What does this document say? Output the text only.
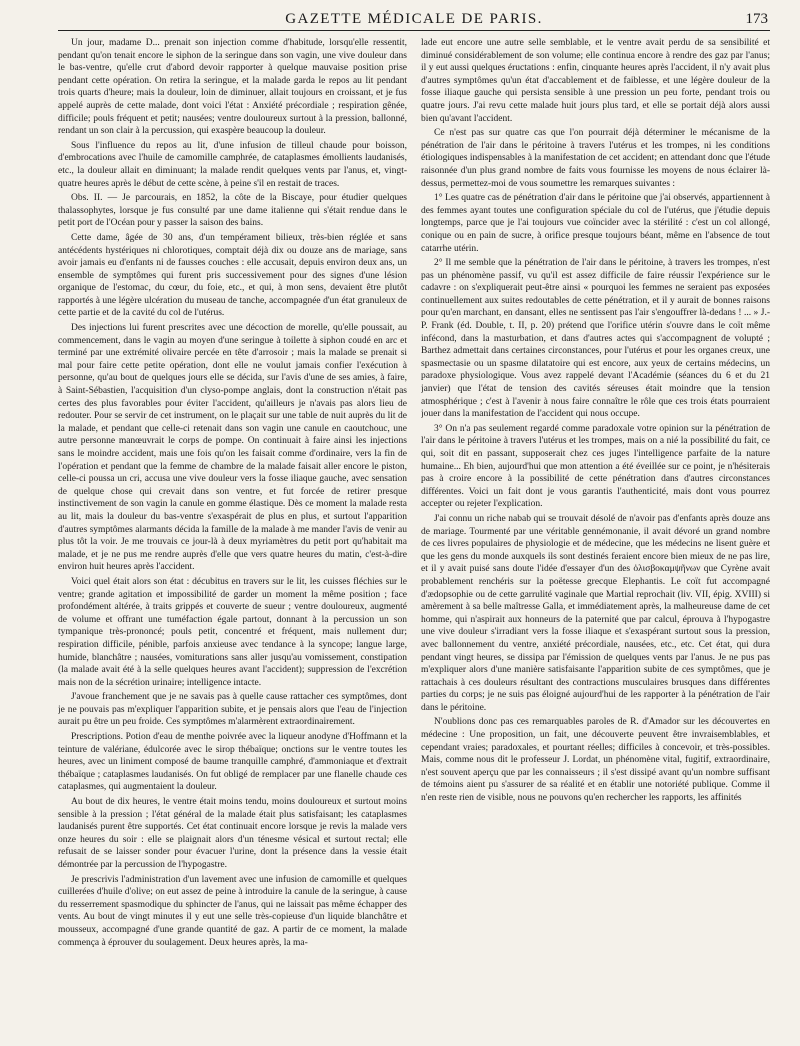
GAZETTE MÉDICALE DE PARIS.	173

Un jour, madame D... prenait son injection comme d'habitude, lorsqu'elle ressentit, pendant qu'on tenait encore le siphon de la seringue dans son vagin, une vive douleur dans le bas-ventre, qu'elle crut d'abord devoir rapporter à quelque mauvaise position prise pendant cette opération. On retira la seringue, et la malade garda le repos au lit pendant trois quarts d'heure; mais la douleur, loin de diminuer, allait toujours en croissant, et je fus appelé auprès de cette malade, dont voici l'état : Anxiété précordiale ; respiration gênée, difficile; pouls fréquent et petit; nausées; ventre douloureux surtout à la pression, ballonné, rendant un son clair à la percussion, qui exaspère beaucoup la douleur.

Sous l'influence du repos au lit, d'une infusion de tilleul chaude pour boisson, d'embrocations avec l'huile de camomille camphrée, de cataplasmes émollients laudanisés, etc., la douleur allait en diminuant; la malade rendit quelques vents par l'anus, et, vingt-quatre heures après le début de cette scène, à peine s'il en restait de traces.

Obs. II. — Je parcourais, en 1852, la côte de la Biscaye, pour étudier quelques thalassophytes, lorsque je fus consulté par une dame italienne qui s'était rendue dans le petit port de l'Océan pour y passer la saison des bains.

Cette dame, âgée de 30 ans, d'un tempérament bilieux, très-bien réglée et sans antécédents hystériques ni chlorotiques, comptait déjà dix ou douze ans de mariage, sans avoir jamais eu d'enfants ni de fausses couches : elle accusait, depuis environ deux ans, un ensemble de symptômes qui furent pris successivement pour des signes d'une lésion organique de l'estomac, du cœur, du foie, etc., et qui, à mon sens, devaient être plutôt rapportés à une légère ulcération du museau de tanche, accompagnée d'un état granuleux de cette partie et de la cavité du col de l'utérus.

Des injections lui furent prescrites avec une décoction de morelle, qu'elle poussait, au commencement, dans le vagin au moyen d'une seringue à toilette à siphon coudé en arc et terminé par une extrémité olivaire percée en tête d'arrosoir ; mais la malade se prenait si mal pour faire cette petite opération, dont elle ne voulut jamais confier l'exécution à personne, qu'au bout de quelques jours elle se décida, sur l'avis d'une de ses amies, à faire, à Saint-Sébastien, l'acquisition d'un clyso-pompe anglais, dont la construction n'était pas certes des plus favorables pour éviter l'accident, qu'ailleurs je n'avais pas alors lieu de redouter. Pour se servir de cet instrument, on le plaçait sur une table de nuit auprès du lit de la malade, et pendant que celle-ci retenait dans son vagin une canule en caoutchouc, une autre personne manœuvrait le corps de pompe. On continuait à faire ainsi les injections sans le moindre accident, mais une fois qu'on les faisait comme d'ordinaire, vers la fin de l'opération et pendant que la femme de chambre de la malade faisait aller encore le piston, celle-ci poussa un cri, accusa une vive douleur vers la fosse iliaque gauche, avec sensation de quelque chose qui crevait dans son ventre, et fut forcée de retirer presque instinctivement de son vagin la canule en gomme élastique. Dès ce moment la malade resta au lit, mais la douleur du bas-ventre s'exaspérait de plus en plus, et surtout l'apparition d'autres symptômes alarmants décida la famille de la malade à me mander l'avis de venir au plus tôt la voir. Je me trouvais ce jour-là à deux myriamètres du petit port qu'habitait ma malade, et je ne pus me rendre auprès d'elle que vers quatre heures du matin, c'est-à-dire environ huit heures après l'accident.

Voici quel était alors son état : décubitus en travers sur le lit, les cuisses fléchies sur le ventre; grande agitation et impossibilité de garder un moment la même position ; face profondément altérée, à traits grippés et couverte de sueur ; ventre douloureux, augmenté de volume et offrant une tuméfaction égale partout, donnant à la percussion un son tympanique très-prononcé; pouls petit, concentré et fréquent, mais nullement dur; respiration difficile, pénible, parfois anxieuse avec tendance à la syncope; langue large, humide, blanchâtre ; nausées, vomiturations sans aller jusqu'au vomissement, constipation (la malade avait été à la selle quelques heures avant l'accident); suppression de l'excrétion mais non de la sécrétion urinaire; intelligence intacte.

J'avoue franchement que je ne savais pas à quelle cause rattacher ces symptômes, dont je ne pouvais pas m'expliquer l'apparition subite, et je pensais alors que l'eau de l'injection aurait pu être un peu froide. Ces symptômes m'alarmèrent extraordinairement.

Prescriptions. Potion d'eau de menthe poivrée avec la liqueur anodyne d'Hoffmann et la teinture de valériane, édulcorée avec le sirop thébaïque; onctions sur le ventre toutes les heures, avec un liniment composé de baume tranquille camphré, d'ammoniaque et d'extrait thébaïque ; cataplasmes laudanisés. On fut obligé de remplacer par une flanelle chaude ces cataplasmes, qui augmentaient la douleur.

Au bout de dix heures, le ventre était moins tendu, moins douloureux et surtout moins sensible à la pression ; l'état général de la malade était plus satisfaisant; les cataplasmes laudanisés purent être supportés. Cet état continuait encore lorsque je revis la malade vers onze heures du soir : elle se plaignait alors d'un ténesme vésical et surtout rectal; elle refusait de se laisser sonder pour évacuer l'urine, dont la présence dans la vessie était démontrée par la percussion de l'hypogastre.

Je prescrivis l'administration d'un lavement avec une infusion de camomille et quelques cuillerées d'huile d'olive; on eut assez de peine à introduire la canule de la seringue, à cause du resserrement spasmodique du sphincter de l'anus, qui ne laissait pas même échapper des vents. Au bout de vingt minutes il y eut une selle très-copieuse d'un liquide blanchâtre et mousseux, accompagné d'une grande quantité de gaz. A partir de ce moment, la malade commença à éprouver du soulagement. Deux heures après, la ma-

lade eut encore une autre selle semblable, et le ventre avait perdu de sa sensibilité et diminué considérablement de son volume; elle continua encore à rendre des gaz par l'anus; il y eut aussi quelques éructations : enfin, cinquante heures après l'accident, il n'y avait plus d'autres symptômes qu'un état d'accablement et de faiblesse, et une légère douleur de la fosse iliaque gauche qui persista sensible à une pression un peu forte, pendant trois ou quatre jours. J'ai revu cette malade huit jours plus tard, et elle se portait déjà alors aussi bien qu'avant l'accident.

Ce n'est pas sur quatre cas que l'on pourrait déjà déterminer le mécanisme de la pénétration de l'air dans le péritoine à travers l'utérus et les trompes, ni les conditions étiologiques indispensables à la manifestation de cet accident; en attendant donc que l'étude raisonnée d'un plus grand nombre de faits vous fournisse les moyens de nous éclairer là-dessus, permettez-moi de vous soumettre les remarques suivantes :

1° Les quatre cas de pénétration d'air dans le péritoine que j'ai observés, appartiennent à des femmes ayant toutes une configuration spéciale du col de l'utérus, que j'étudie depuis longtemps, parce que je l'ai toujours vue coïncider avec la stérilité : c'est un col allongé, conique ou en pain de sucre, à orifice presque toujours béant, même en l'absence de tout catarrhe utérin.

2° Il me semble que la pénétration de l'air dans le péritoine, à travers les trompes, n'est pas un phénomène passif, vu qu'il est assez difficile de faire réussir l'expérience sur le cadavre : on s'expliquerait peut-être ainsi « pourquoi les femmes ne seraient pas exposées continuellement aux suites redoutables de cette pénétration, et il y aurait de bonnes raisons pour qu'en marchant, en dansant, elles ne sentissent pas l'air s'engouffrer là-dedans ! ... » J.-P. Frank (éd. Double, t. II, p. 20) prétend que l'orifice utérin s'ouvre dans le coït même infécond, dans la masturbation, et dans d'autres actes qui s'accompagnent de volupté ; Barthez admettait dans certaines circonstances, pour l'utérus et pour les organes creux, une spasmectasie ou un spasme dilatatoire qui est encore, aux yeux de certains médecins, un paradoxe physiologique. Vous avez rappelé devant l'Académie (séances du 6 et du 21 janvier) que l'état de tension des cavités séreuses était moindre que la tension atmosphérique ; c'est à l'avenir à nous faire connaître le rôle que ces trois états pourraient jouer dans la manifestation de l'accident qui nous occupe.

3° On n'a pas seulement regardé comme paradoxale votre opinion sur la pénétration de l'air dans le péritoine à travers l'utérus et les trompes, mais on a nié la possibilité du fait, ce qui, soit dit en passant, supposerait chez ces juges l'intelligence parfaite de la nature humaine... Eh bien, aujourd'hui que mon attention a été éveillée sur ce point, je n'hésiterais pas à croire encore à la possibilité de cette pénétration dans d'autres circonstances différentes. Voici un fait dont je vous garantis l'authenticité, mais dont vous pourrez accepter ou rejeter l'explication.

J'ai connu un riche nabab qui se trouvait désolé de n'avoir pas d'enfants après douze ans de mariage. Tourmenté par une véritable gennémonanie, il avait dévoré un grand nombre de ces livres populaires de physiologie et de médecine, que les médecins ne lisent guère et que les gens du monde auxquels ils sont destinés feraient encore bien mieux de ne pas lire, et il y avait puisé sans doute l'idée d'essayer d'un des ὀλισβοκαμψῆνων que Cyrène avait probablement renchéris sur la poëtesse grecque Elephantis. Le coït fut accompagné d'ædopsophie ou de cette garrulité vaginale que Martial reprochait (liv. VII, épig. XVIII) si amèrement à sa belle maîtresse Galla, et immédiatement après, la malheureuse dame de cet homme, qui n'aspirait aux honneurs de la paternité que par calcul, éprouva à l'hypogastre une vive douleur s'irradiant vers la fosse iliaque et s'exaspérant surtout sous la pression, avec ballonnement du ventre, anxiété précordiale, nausées, etc., etc. Cet état, qui dura pendant vingt heures, se dissipa par l'émission de quelques vents par l'anus. Je ne pus pas m'expliquer alors d'une manière satisfaisante l'apparition subite de ces symptômes, que je rattachais à ces douleurs résultant des contractions musculaires brusques dans différentes parties du corps; je ne suis pas éloigné aujourd'hui de les rapporter à la pénétration de l'air dans le péritoine.

N'oublions donc pas ces remarquables paroles de R. d'Amador sur les découvertes en médecine : Une proposition, un fait, une découverte peuvent être invraisemblables, et cependant vraies; paradoxales, et pourtant réelles; difficiles à concevoir, et très-possibles. Mais, comme nous dit le professeur J. Lordat, un phénomène vital, fugitif, extraordinaire, n'est souvent aperçu que par les connaisseurs ; il s'est dissipé avant qu'un nombre suffisant de témoins aient pu s'assurer de sa réalité et en établir une notoriété publique. Comme il n'en reste rien de visible, nous ne pouvons qu'en rechercher les rapports, les affinités
